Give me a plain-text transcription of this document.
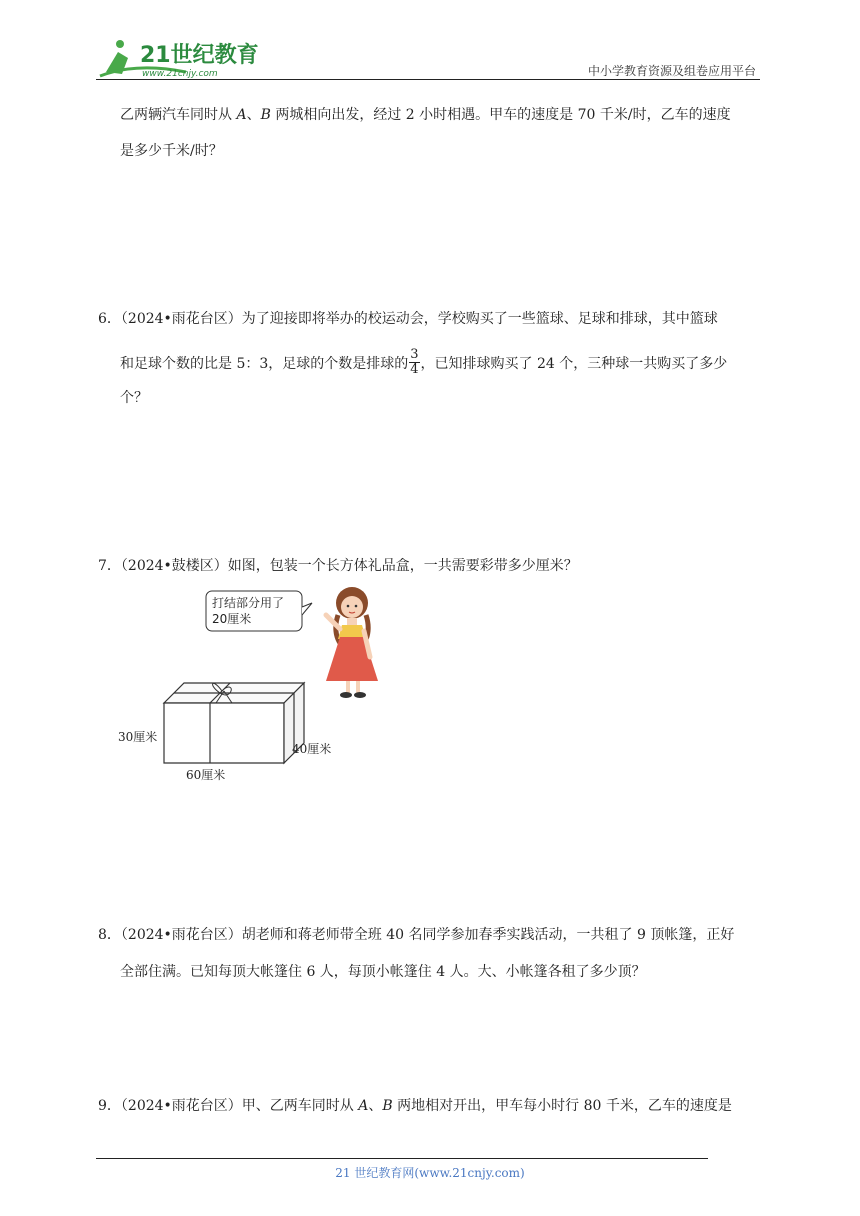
21世纪教育
www.21cnjy.com	中小学教育资源及组卷应用平台

乙两辆汽车同时从 A、B 两城相向出发，经过 2 小时相遇。甲车的速度是 70 千米/时，乙车的速度

是多少千米/时？

6．（2024•雨花台区）为了迎接即将举办的校运动会，学校购买了一些篮球、足球和排球，其中篮球

和足球个数的比是 5：3，足球的个数是排球的 $\frac{3}{4}$ ，已知排球购买了 24 个，三种球一共购买了多少

个？

7．（2024•鼓楼区）如图，包装一个长方体礼品盒，一共需要彩带多少厘米？

打结部分用了
20厘米
30厘米
40厘米
60厘米

8．（2024•雨花台区）胡老师和蒋老师带全班 40 名同学参加春季实践活动，一共租了 9 顶帐篷，正好

全部住满。已知每顶大帐篷住 6 人，每顶小帐篷住 4 人。大、小帐篷各租了多少顶？

9．（2024•雨花台区）甲、乙两车同时从 A、B 两地相对开出，甲车每小时行 80 千米，乙车的速度是

21 世纪教育网(www.21cnjy.com)
